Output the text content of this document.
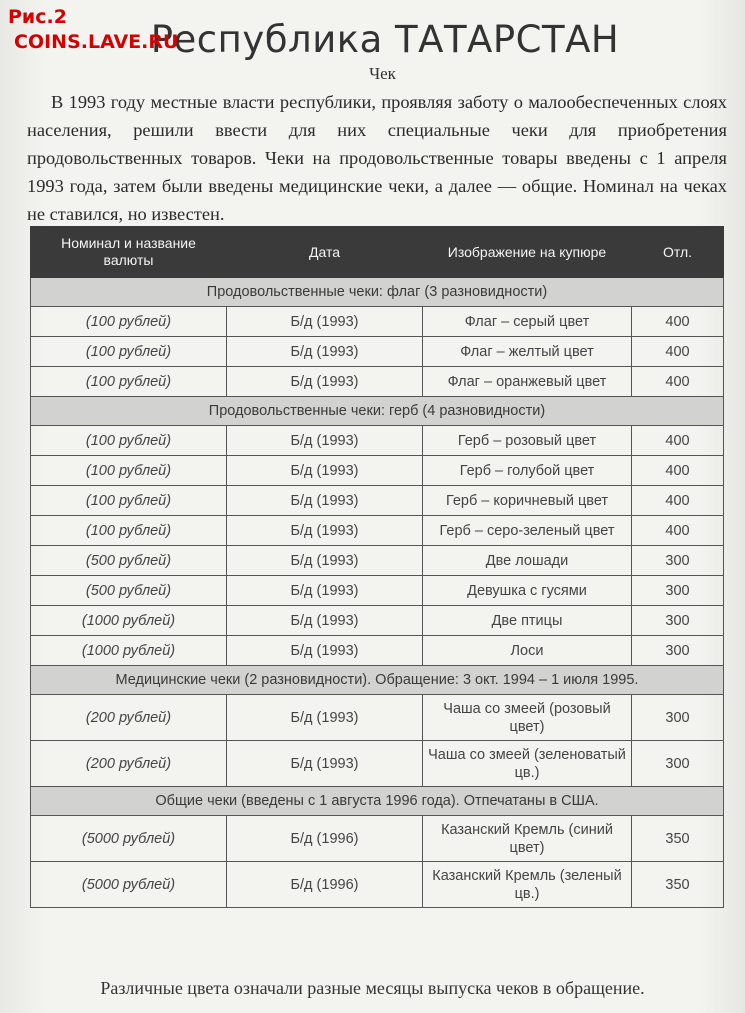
Рис.2
COINS.LAVE.RU
Республика ТАТАРСТАН
Чек
В 1993 году местные власти республики, проявляя заботу о малообеспеченных слоях населения, решили ввести для них специальные чеки для приобретения продовольственных товаров. Чеки на продовольственные товары введены с 1 апреля 1993 года, затем были введены медицинские чеки, а далее — общие. Номинал на чеках не ставился, но известен.
Номинал и название валюты	Дата	Изображение на купюре	Отл.
Продовольственные чеки: флаг (3 разновидности)			
(100 рублей)	Б/д (1993)	Флаг – серый цвет	400
(100 рублей)	Б/д (1993)	Флаг – желтый цвет	400
(100 рублей)	Б/д (1993)	Флаг – оранжевый цвет	400
Продовольственные чеки: герб (4 разновидности)			
(100 рублей)	Б/д (1993)	Герб – розовый цвет	400
(100 рублей)	Б/д (1993)	Герб – голубой цвет	400
(100 рублей)	Б/д (1993)	Герб – коричневый цвет	400
(100 рублей)	Б/д (1993)	Герб – серо-зеленый цвет	400
(500 рублей)	Б/д (1993)	Две лошади	300
(500 рублей)	Б/д (1993)	Девушка с гусями	300
(1000 рублей)	Б/д (1993)	Две птицы	300
(1000 рублей)	Б/д (1993)	Лоси	300
Медицинские чеки (2 разновидности). Обращение: 3 окт. 1994 – 1 июля 1995.			
(200 рублей)	Б/д (1993)	Чаша со змеей (розовый цвет)	300
(200 рублей)	Б/д (1993)	Чаша со змеей (зеленоватый цв.)	300
Общие чеки (введены с 1 августа 1996 года). Отпечатаны в США.			
(5000 рублей)	Б/д (1996)	Казанский Кремль (синий цвет)	350
(5000 рублей)	Б/д (1996)	Казанский Кремль (зеленый цв.)	350
Различные цвета означали разные месяцы выпуска чеков в обращение.
